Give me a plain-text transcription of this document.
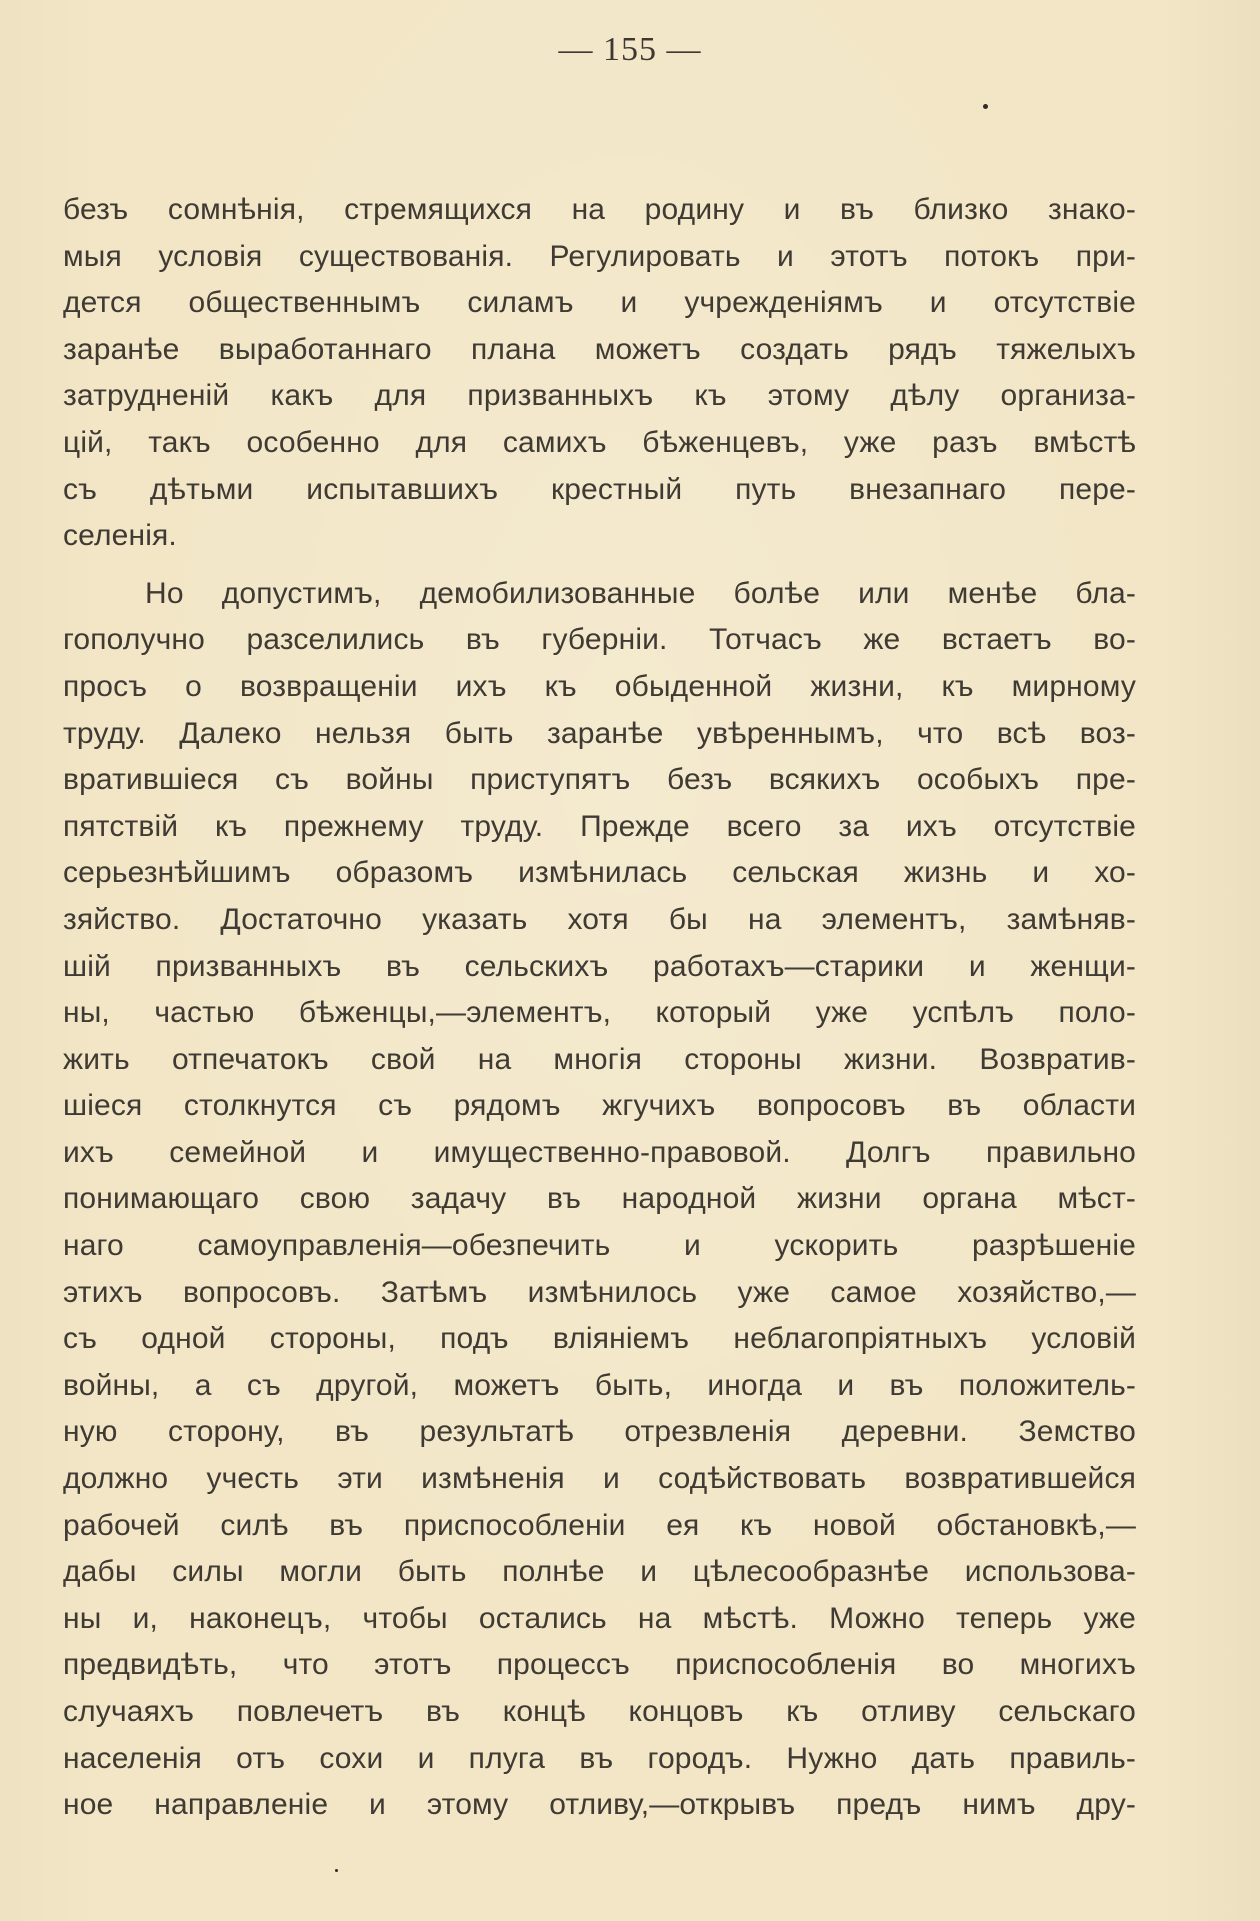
— 155 —
безъ сомнѣнія, стремящихся на родину и въ близко знако-
мыя условія существованія. Регулировать и этотъ потокъ при-
дется общественнымъ силамъ и учрежденіямъ и отсутствіе
заранѣе выработаннаго плана можетъ создать рядъ тяжелыхъ
затрудненій какъ для призванныхъ къ этому дѣлу организа-
цій, такъ особенно для самихъ бѣженцевъ, уже разъ вмѣстѣ
съ дѣтьми испытавшихъ крестный путь внезапнаго пере-
селенія.
Но допустимъ, демобилизованные болѣе или менѣе бла-
гополучно разселились въ губерніи. Тотчасъ же встаетъ во-
просъ о возвращеніи ихъ къ обыденной жизни, къ мирному
труду. Далеко нельзя быть заранѣе увѣреннымъ, что всѣ воз-
вратившіеся съ войны приступятъ безъ всякихъ особыхъ пре-
пятствій къ прежнему труду. Прежде всего за ихъ отсутствіе
серьезнѣйшимъ образомъ измѣнилась сельская жизнь и хо-
зяйство. Достаточно указать хотя бы на элементъ, замѣняв-
шій призванныхъ въ сельскихъ работахъ—старики и женщи-
ны, частью бѣженцы,—элементъ, который уже успѣлъ поло-
жить отпечатокъ свой на многія стороны жизни. Возвратив-
шіеся столкнутся съ рядомъ жгучихъ вопросовъ въ области
ихъ семейной и имущественно-правовой. Долгъ правильно
понимающаго свою задачу въ народной жизни органа мѣст-
наго самоуправленія—обезпечить и ускорить разрѣшеніе
этихъ вопросовъ. Затѣмъ измѣнилось уже самое хозяйство,—
съ одной стороны, подъ вліяніемъ неблагопріятныхъ условій
войны, а съ другой, можетъ быть, иногда и въ положитель-
ную сторону, въ результатѣ отрезвленія деревни. Земство
должно учесть эти измѣненія и содѣйствовать возвратившейся
рабочей силѣ въ приспособленіи ея къ новой обстановкѣ,—
дабы силы могли быть полнѣе и цѣлесообразнѣе использова-
ны и, наконецъ, чтобы остались на мѣстѣ. Можно теперь уже
предвидѣть, что этотъ процессъ приспособленія во многихъ
случаяхъ повлечетъ въ концѣ концовъ къ отливу сельскаго
населенія отъ сохи и плуга въ городъ. Нужно дать правиль-
ное направленіе и этому отливу,—открывъ предъ нимъ дру-
